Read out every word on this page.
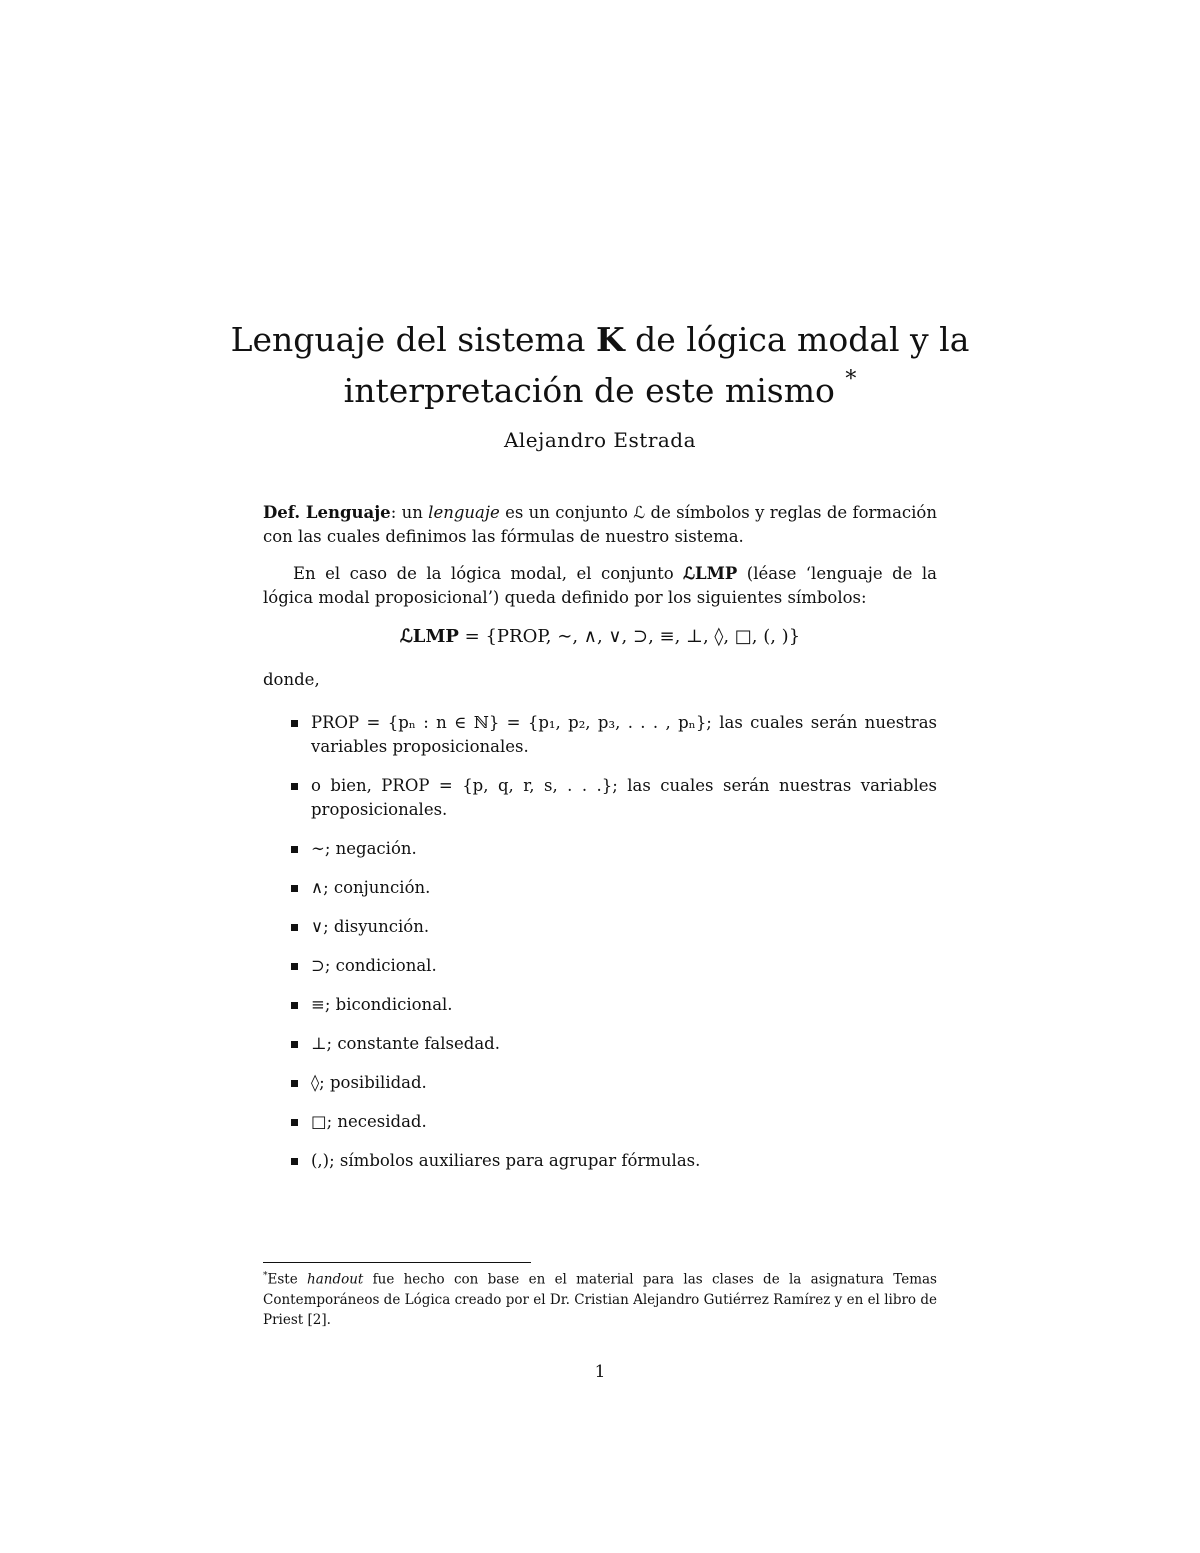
Lenguaje del sistema K de lógica modal y la
interpretación de este mismo *
Alejandro Estrada

Def. Lenguaje: un lenguaje es un conjunto ℒ de símbolos y reglas de formación con las cuales definimos las fórmulas de nuestro sistema.

En el caso de la lógica modal, el conjunto ℒLMP (léase ‘lenguaje de la lógica modal proposicional’) queda definido por los siguientes símbolos:

ℒLMP = {PROP, ∼, ∧, ∨, ⊃, ≡, ⊥, ◊, □, (, )}
donde,
PROP = {pₙ : n ∈ ℕ} = {p₁, p₂, p₃, . . . , pₙ}; las cuales serán nuestras variables proposicionales.
o bien, PROP = {p, q, r, s, . . .}; las cuales serán nuestras variables proposicionales.
∼; negación.
∧; conjunción.
∨; disyunción.
⊃; condicional.
≡; bicondicional.
⊥; constante falsedad.
◊; posibilidad.
□; necesidad.
(,); símbolos auxiliares para agrupar fórmulas.
*Este handout fue hecho con base en el material para las clases de la asignatura Temas Contemporáneos de Lógica creado por el Dr. Cristian Alejandro Gutiérrez Ramírez y en el libro de Priest [2].
1
